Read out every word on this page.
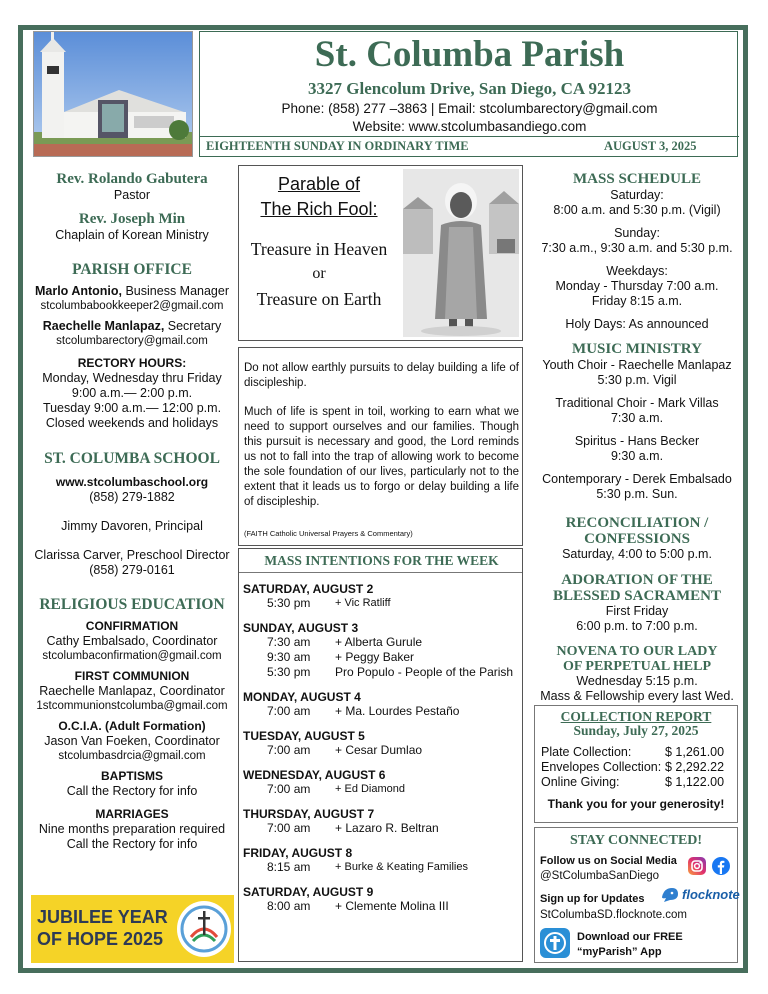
St. Columba Parish
3327 Glencolum Drive, San Diego, CA 92123
Phone: (858) 277 –3863 | Email: stcolumbarectory@gmail.com
Website: www.stcolumbasandiego.com
EIGHTEENTH SUNDAY IN ORDINARY TIME	AUGUST 3, 2025
Rev. Rolando Gabutera
Pastor
Rev. Joseph Min
Chaplain of Korean Ministry
PARISH OFFICE
Marlo Antonio, Business Manager
stcolumbabookkeeper2@gmail.com
Raechelle Manlapaz, Secretary
stcolumbarectory@gmail.com
RECTORY HOURS:
Monday, Wednesday thru Friday
9:00 a.m.— 2:00 p.m.
Tuesday 9:00 a.m.— 12:00 p.m.
Closed weekends and holidays
ST. COLUMBA SCHOOL
www.stcolumbaschool.org
(858) 279-1882
Jimmy Davoren, Principal
Clarissa Carver, Preschool Director
(858) 279-0161
RELIGIOUS EDUCATION
CONFIRMATION
Cathy Embalsado, Coordinator
stcolumbaconfirmation@gmail.com
FIRST COMMUNION
Raechelle Manlapaz, Coordinator
1stcommunionstcolumba@gmail.com
O.C.I.A. (Adult Formation)
Jason Van Foeken, Coordinator
stcolumbasdrcia@gmail.com
BAPTISMS
Call the Rectory for info
MARRIAGES
Nine months preparation required
Call the Rectory for info
JUBILEE YEAR
OF HOPE 2025
Parable of
The Rich Fool:
Treasure in Heaven
or
Treasure on Earth
Do not allow earthly pursuits to delay building a life of discipleship.
Much of life is spent in toil, working to earn what we need to support ourselves and our families. Though this pursuit is necessary and good, the Lord reminds us not to fall into the trap of allowing work to become the sole foundation of our lives, particularly not to the extent that it leads us to forgo or delay building a life of discipleship.
(FAITH Catholic Universal Prayers & Commentary)
MASS INTENTIONS FOR THE WEEK
SATURDAY, AUGUST 2
5:30 pm	+ Vic Ratliff
SUNDAY, AUGUST 3
7:30 am	+ Alberta Gurule
9:30 am	+ Peggy Baker
5:30 pm	Pro Populo - People of the Parish
MONDAY, AUGUST 4
7:00 am	+ Ma. Lourdes Pestaño
TUESDAY, AUGUST 5
7:00 am	+ Cesar Dumlao
WEDNESDAY, AUGUST 6
7:00 am	+ Ed Diamond
THURSDAY, AUGUST 7
7:00 am	+ Lazaro R. Beltran
FRIDAY, AUGUST 8
8:15 am	+ Burke & Keating Families
SATURDAY, AUGUST 9
8:00 am	+ Clemente Molina III
MASS SCHEDULE
Saturday:
8:00 a.m. and 5:30 p.m. (Vigil)
Sunday:
7:30 a.m., 9:30 a.m. and 5:30 p.m.
Weekdays:
Monday - Thursday 7:00 a.m.
Friday 8:15 a.m.
Holy Days: As announced
MUSIC MINISTRY
Youth Choir - Raechelle Manlapaz
5:30 p.m. Vigil
Traditional Choir - Mark Villas
7:30 a.m.
Spiritus - Hans Becker
9:30 a.m.
Contemporary - Derek Embalsado
5:30 p.m. Sun.
RECONCILIATION /
CONFESSIONS
Saturday, 4:00 to 5:00 p.m.
ADORATION OF THE
BLESSED SACRAMENT
First Friday
6:00 p.m. to 7:00 p.m.
NOVENA TO OUR LADY
OF PERPETUAL HELP
Wednesday 5:15 p.m.
Mass & Fellowship every last Wed.
COLLECTION REPORT
Sunday, July 27, 2025
Plate Collection:	$ 1,261.00
Envelopes Collection: $ 2,292.22
Online Giving:	$ 1,122.00
Thank you for your generosity!
STAY CONNECTED!
Follow us on Social Media
@StColumbaSanDiego
Sign up for Updates	flocknote
StColumbaSD.flocknote.com
Download our FREE
“myParish” App
